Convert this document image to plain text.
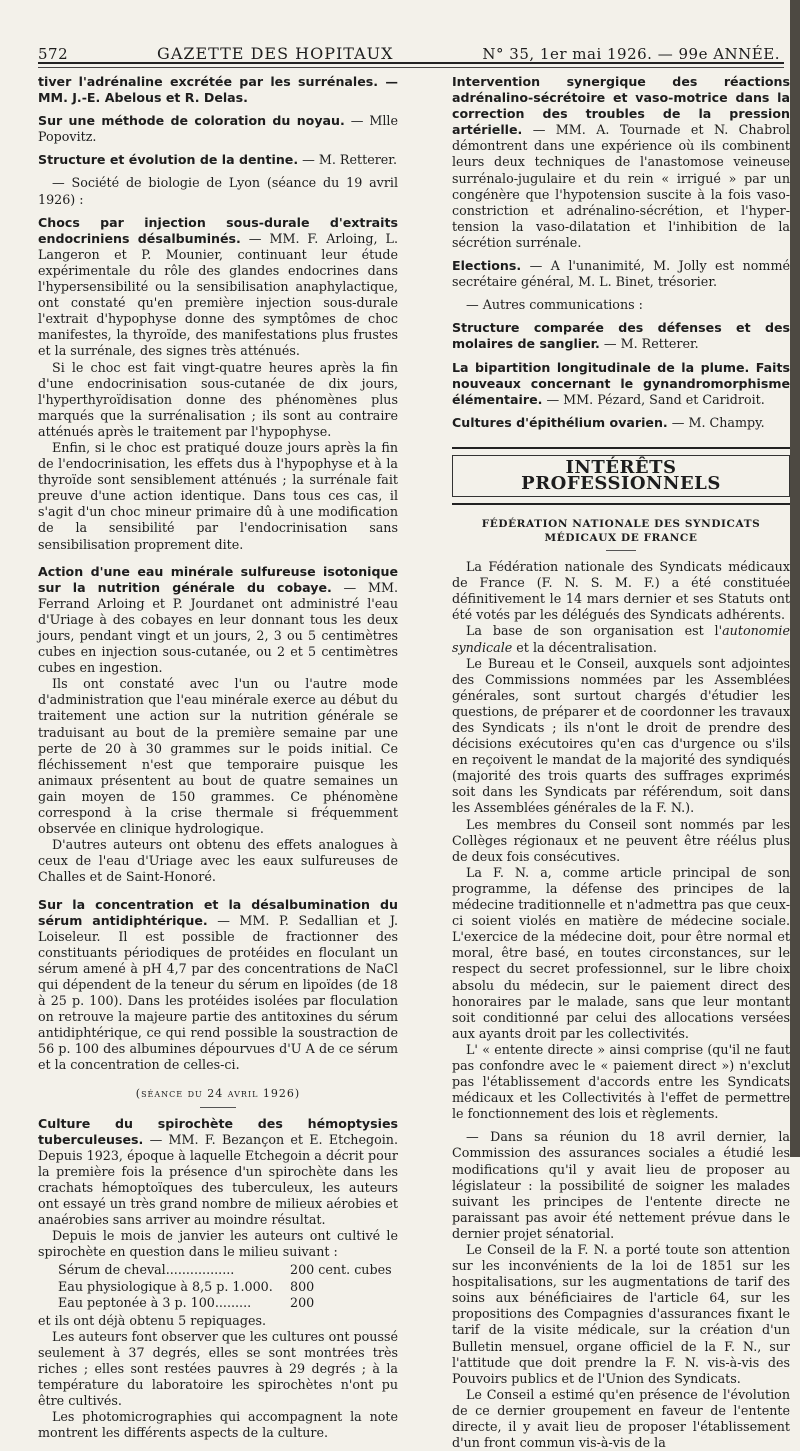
572	GAZETTE DES HOPITAUX	N° 35, 1er mai 1926. — 99e ANNÉE.

tiver l'adrénaline excrétée par les surrénales. — MM. J.-E. Abelous et R. Delas.

Sur une méthode de coloration du noyau. — Mlle Popovitz.

Structure et évolution de la dentine. — M. Retterer.

— Société de biologie de Lyon (séance du 19 avril 1926) :

Chocs par injection sous-durale d'extraits endocriniens désalbuminés. — MM. F. Arloing, L. Langeron et P. Mounier, continuant leur étude expérimentale du rôle des glandes endocrines dans l'hypersensibilité ou la sensibilisation anaphylactique, ont constaté qu'en première injection sous-durale l'extrait d'hypophyse donne des symptômes de choc manifestes, la thyroïde, des manifestations plus frustes et la surrénale, des signes très atténués.

Si le choc est fait vingt-quatre heures après la fin d'une endocrinisation sous-cutanée de dix jours, l'hyperthyroïdisation donne des phénomènes plus marqués que la surrénalisation ; ils sont au contraire atténués après le traitement par l'hypophyse.

Enfin, si le choc est pratiqué douze jours après la fin de l'endocrinisation, les effets dus à l'hypophyse et à la thyroïde sont sensiblement atténués ; la surrénale fait preuve d'une action identique. Dans tous ces cas, il s'agit d'un choc mineur primaire dû à une modification de la sensibilité par l'endocrinisation sans sensibilisation proprement dite.

Action d'une eau minérale sulfureuse isotonique sur la nutrition générale du cobaye. — MM. Ferrand Arloing et P. Jourdanet ont administré l'eau d'Uriage à des cobayes en leur donnant tous les deux jours, pendant vingt et un jours, 2, 3 ou 5 centimètres cubes en injection sous-cutanée, ou 2 et 5 centimètres cubes en ingestion.

Ils ont constaté avec l'un ou l'autre mode d'administration que l'eau minérale exerce au début du traitement une action sur la nutrition générale se traduisant au bout de la première semaine par une perte de 20 à 30 grammes sur le poids initial. Ce fléchissement n'est que temporaire puisque les animaux présentent au bout de quatre semaines un gain moyen de 150 grammes. Ce phénomène correspond à la crise thermale si fréquemment observée en clinique hydrologique.

D'autres auteurs ont obtenu des effets analogues à ceux de l'eau d'Uriage avec les eaux sulfureuses de Challes et de Saint-Honoré.

Sur la concentration et la désalbumination du sérum antidiphtérique. — MM. P. Sedallian et J. Loiseleur. Il est possible de fractionner des constituants périodiques de protéides en floculant un sérum amené à pH 4,7 par des concentrations de NaCl qui dépendent de la teneur du sérum en lipoïdes (de 18 à 25 p. 100). Dans les protéides isolées par floculation on retrouve la majeure partie des antitoxines du sérum antidiphtérique, ce qui rend possible la soustraction de 56 p. 100 des albumines dépourvues d'U A de ce sérum et la concentration de celles-ci.

(séance du 24 avril 1926)

Culture du spirochète des hémoptysies tuberculeuses. — MM. F. Bezançon et E. Etchegoin. Depuis 1923, époque à laquelle Etchegoin a décrit pour la première fois la présence d'un spirochète dans les crachats hémoptoïques des tuberculeux, les auteurs ont essayé un très grand nombre de milieux aérobies et anaérobies sans arriver au moindre résultat.

Depuis le mois de janvier les auteurs ont cultivé le spirochète en question dans le milieu suivant :

Sérum de cheval.................	200 cent. cubes
Eau physiologique à 8,5 p. 1.000.	800
Eau peptonée à 3 p. 100.........	200

et ils ont déjà obtenu 5 repiquages.

Les auteurs font observer que les cultures ont poussé seulement à 37 degrés, elles se sont montrées très riches ; elles sont restées pauvres à 29 degrés ; à la température du laboratoire les spirochètes n'ont pu être cultivés.

Les photomicrographies qui accompagnent la note montrent les différents aspects de la culture.

Intervention synergique des réactions adrénalino-sécrétoire et vaso-motrice dans la correction des troubles de la pression artérielle. — MM. A. Tournade et N. Chabrol démontrent dans une expérience où ils combinent leurs deux techniques de l'anastomose veineuse surrénalo-jugulaire et du rein « irrigué » par un congénère que l'hypotension suscite à la fois vaso-constriction et adrénalino-sécrétion, et l'hyper-tension la vaso-dilatation et l'inhibition de la sécrétion surrénale.

Elections. — A l'unanimité, M. Jolly est nommé secrétaire général, M. L. Binet, trésorier.

— Autres communications :

Structure comparée des défenses et des molaires de sanglier. — M. Retterer.

La bipartition longitudinale de la plume. Faits nouveaux concernant le gynandromorphisme élémentaire. — MM. Pézard, Sand et Caridroit.

Cultures d'épithélium ovarien. — M. Champy.

INTÉRÊTS PROFESSIONNELS
FÉDÉRATION NATIONALE DES SYNDICATS MÉDICAUX DE FRANCE

La Fédération nationale des Syndicats médicaux de France (F. N. S. M. F.) a été constituée définitivement le 14 mars dernier et ses Statuts ont été votés par les délégués des Syndicats adhérents.

La base de son organisation est l'autonomie syndicale et la décentralisation.

Le Bureau et le Conseil, auxquels sont adjointes des Commissions nommées par les Assemblées générales, sont surtout chargés d'étudier les questions, de préparer et de coordonner les travaux des Syndicats ; ils n'ont le droit de prendre des décisions exécutoires qu'en cas d'urgence ou s'ils en reçoivent le mandat de la majorité des syndiqués (majorité des trois quarts des suffrages exprimés soit dans les Syndicats par référendum, soit dans les Assemblées générales de la F. N.).

Les membres du Conseil sont nommés par les Collèges régionaux et ne peuvent être réélus plus de deux fois consécutives.

La F. N. a, comme article principal de son programme, la défense des principes de la médecine traditionnelle et n'admettra pas que ceux-ci soient violés en matière de médecine sociale. L'exercice de la médecine doit, pour être normal et moral, être basé, en toutes circonstances, sur le respect du secret professionnel, sur le libre choix absolu du médecin, sur le paiement direct des honoraires par le malade, sans que leur montant soit conditionné par celui des allocations versées aux ayants droit par les collectivités.

L' « entente directe » ainsi comprise (qu'il ne faut pas confondre avec le « paiement direct ») n'exclut pas l'établissement d'accords entre les Syndicats médicaux et les Collectivités à l'effet de permettre le fonctionnement des lois et règlements.

— Dans sa réunion du 18 avril dernier, la Commission des assurances sociales a étudié les modifications qu'il y avait lieu de proposer au législateur : la possibilité de soigner les malades suivant les principes de l'entente directe ne paraissant pas avoir été nettement prévue dans le dernier projet sénatorial.

Le Conseil de la F. N. a porté toute son attention sur les inconvénients de la loi de 1851 sur les hospitalisations, sur les augmentations de tarif des soins aux bénéficiaires de l'article 64, sur les propositions des Compagnies d'assurances fixant le tarif de la visite médicale, sur la création d'un Bulletin mensuel, organe officiel de la F. N., sur l'attitude que doit prendre la F. N. vis-à-vis des Pouvoirs publics et de l'Union des Syndicats.

Le Conseil a estimé qu'en présence de l'évolution de ce dernier groupement en faveur de l'entente directe, il y avait lieu de proposer l'établissement d'un front commun vis-à-vis de la
